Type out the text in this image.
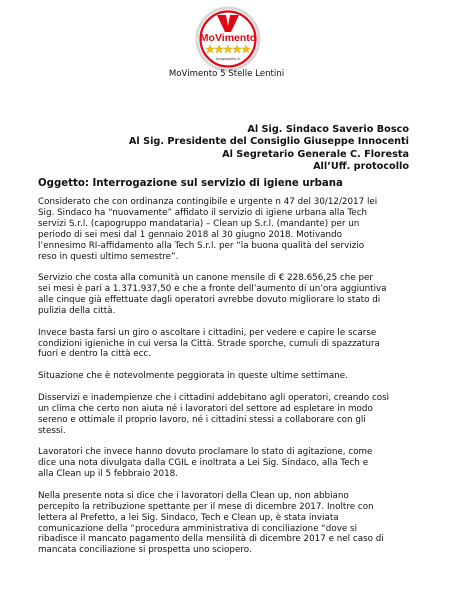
MoVimento
beppegrillo.it
MoVimento 5 Stelle Lentini
Al Sig. Sindaco Saverio Bosco
Al Sig. Presidente del Consiglio Giuseppe Innocenti
Al Segretario Generale C. Floresta
All’Uff. protocollo
Oggetto: Interrogazione sul servizio di igiene urbana

Considerato che con ordinanza contingibile e urgente n 47 del 30/12/2017 lei
Sig. Sindaco ha “nuovamente” affidato il servizio di igiene urbana alla Tech
servizi S.r.l. (capogruppo mandataria) – Clean up S.r.l. (mandante) per un
periodo di sei mesi dal 1 gennaio 2018 al 30 giugno 2018. Motivando
l’ennesimo RI-affidamento alla Tech S.r.l. per “la buona qualità del servizio
reso in questi ultimo semestre”.

Servizio che costa alla comunità un canone mensile di € 228.656,25 che per
sei mesi è pari a 1.371.937,50 e che a fronte dell’aumento di un’ora aggiuntiva
alle cinque già effettuate dagli operatori avrebbe dovuto migliorare lo stato di
pulizia della città.

Invece basta farsi un giro o ascoltare i cittadini, per vedere e capire le scarse
condizioni igieniche in cui versa la Città. Strade sporche, cumuli di spazzatura
fuori e dentro la città ecc.

Situazione che è notevolmente peggiorata in queste ultime settimane.

Disservizi e inadempienze che i cittadini addebitano agli operatori, creando così
un clima che certo non aiuta né i lavoratori del settore ad espletare in modo
sereno e ottimale il proprio lavoro, né i cittadini stessi a collaborare con gli
stessi.

Lavoratori che invece hanno dovuto proclamare lo stato di agitazione, come
dice una nota divulgata dalla CGIL e inoltrata a Lei Sig. Sindaco, alla Tech e
alla Clean up il 5 febbraio 2018.

Nella presente nota si dice che i lavoratori della Clean up, non abbiano
percepito la retribuzione spettante per il mese di dicembre 2017. Inoltre con
lettera al Prefetto, a lei Sig. Sindaco, Tech e Clean up, è stata inviata
comunicazione della “procedura amministrativa di conciliazione “dove si
ribadisce il mancato pagamento della mensilità di dicembre 2017 e nel caso di
mancata conciliazione si prospetta uno sciopero.
